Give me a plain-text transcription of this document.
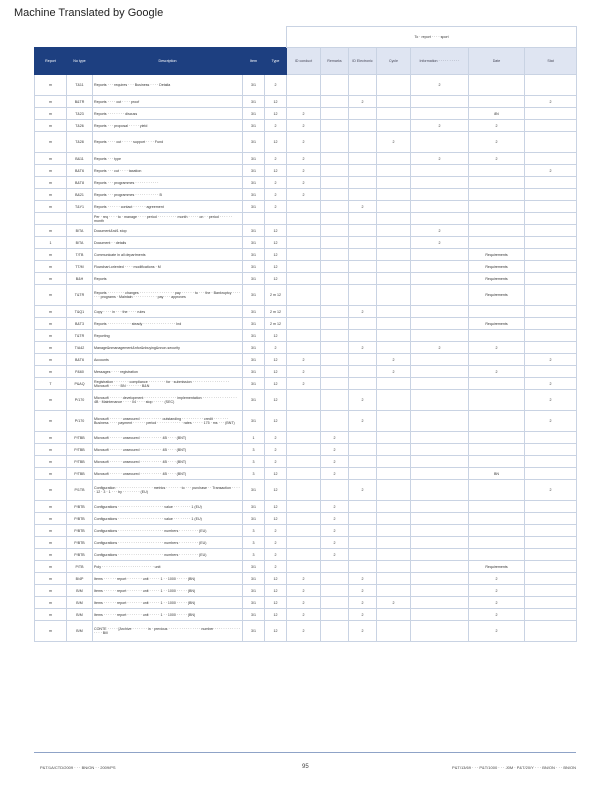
Machine Translated by Google
					To · report · · · · sport						
Report	No type	Description	Item	Type	ID conduct	Remarks	ID Electronic	Cycle	Information · · · · · · · · · ·	Date	Stat
m	T&11	Reports · · · requires · · · Business · · · · Detaila	3/1	2					2		
m	B&TR	Reports · · · · cut · · · · proof	3/1	12			2				2
m	T&23	Reports · · · · · · · · discuss	3/1	12	2					8N	
m	T&26	Reports · · · proposal · · · · · yield	3/1	2	2				2	2	
m	T&28	Reports · · · · cut · · · · · support · · · · Fund	3/1	12	2			2		2	
m	B&11	Reports · · · type	3/1	2	2				2	2	
m	B&T6	Reports · · · cut · · · · taxation	3/1	12	2						2
m	B&T8	Reports · · · programmes · · · · · · · · · · ·	3/1	2	2						
m	B&21	Reports · · · programmes · · · · · · · · · · · B	3/1	2	2						
m	T&Y1	Reports · · · · · · contact · · · · · · agreement	3/1	2			2				
		Per · req · · · · to · manage · · · · period · · · · · · · · · month · · · · · on · · period · · · · · · month									
m	B/TA	Document&n#1 stop	3/1	12					2		
1	B/TA	Document · · details	3/1	12					2		
m	T/TB	Communicate in all departments	3/1	12						Requirements	
m	TT/M	Flowchart-oriented · · · · modifications · M	3/1	12						Requirements	
m	B&H	Reports	3/1	12						Requirements	
m	T&TR	Reports · · · · · · · · changes · · · · · · · · · · · · · · · · pay · · · · · · to · · · the · Bankruptcy · · · · · · · programs · Maintain · · · · · · · · · · · pay · · · approves	3/1	2 m 12						Requirements	
m	T&Q1	Copy · · · · in · · · the · · · · rules	3/1	2 m 12			2				
m	B&T3	Reports · · · · · · · · · · · steady · · · · · · · · · · · · · · · Ind	3/1	2 m 12						Requirements	
m	T&TR	Reporting	3/1	12							
m	T/A42	Manage&nmanagement&nfor&nbuying&nnon-security	3/1	2			2		2	2	
m	B&T6	Accounts	3/1	12	2			2			2
m	P&60	Messages · · · · registration	3/1	12	2			2		2	
T	P&AQ	Registration · · · · · · · compliance · · · · · · · · for · submission · · · · · · · · · · · · · · · · · Microsoft · · · · · BN · · · · · · · B&N	3/1	12	2						2
m	P/170	Microsoft · · · · · · development · · · · · · · · · · · · · · · implementation · · · · · · · · · · · · · · · · 4B · Maintenance · · · · 04 · · · · stop · · · · · (SEC)	3/1	12			2				2
m	P/170	Microsoft · · · · · · unsecured · · · · · · · · · · outstanding · · · · · · · · · · credit · · · · · · · Business · · · · payment · · · · · · period · · · · · · · · · · · · rates · · · · · 175 · ms · · · (BNT)	3/1	12			2				2
m	P/TBB	Microsoft · · · · · · unsecured · · · · · · · · · · 4B · · · · (BNT)	1	2		2					
m	P/TBB	Microsoft · · · · · · unsecured · · · · · · · · · · 4B · · · · (BNT)	3	2		2					
m	P/TBB	Microsoft · · · · · · unsecured · · · · · · · · · · 4B · · · · (BNT)	3	2		2					
m	P/TBB	Microsoft · · · · · · unsecured · · · · · · · · · · 4B · · · · (BNT)	3	12		2				BN	
m	P/1TB	Configuration · · · · · · · · · · · · · · · · · metrics · · · · · · · to · · · purchase · · Transaction · · · · · 12 · 3 · 1 · · · by · · · · · · · · (EU)	3/1	12			2				2
m	P/BTB	Configurations · · · · · · · · · · · · · · · · · · · · · value · · · · · · · · 1 (EU)	3/1	12		2					
m	P/BTB	Configurations · · · · · · · · · · · · · · · · · · · · · value · · · · · · · · 1 (EU)	3/1	12		2					
m	P/BTB	Configurations · · · · · · · · · · · · · · · · · · · · · numbers · · · · · · · · · (EU)	3	2		2					
m	P/BTB	Configurations · · · · · · · · · · · · · · · · · · · · · numbers · · · · · · · · · (EU)	3	2		2					
m	P/BTB	Configurations · · · · · · · · · · · · · · · · · · · · · numbers · · · · · · · · · (EU)	3	2		2					
m	P/TB	Poly · · · · · · · · · · · · · · · · · · · · · · · · unit	3/1	2						Requirements	
m	B/4P	Items · · · · · · report · · · · · · · unit · · · · · 1 · · 1000 · · · · · (BN)	3/1	12	2		2			2	
m	B/M	Items · · · · · · report · · · · · · · unit · · · · · 1 · · 1000 · · · · · (BN)	3/1	12	2		2			2	
m	B/M	Items · · · · · · report · · · · · · · unit · · · · · 1 · · 1000 · · · · · (BN)	3/1	12	2		2	2		2	
m	B/M	Items · · · · · · report · · · · · · · unit · · · · · 1 · · 1000 · · · · · (BN)	3/1	12	2		2			2	
m	B/M	CONTE · · · · · [Archive · · · · · · · in · previous · · · · · · · · · · · · · · · number · · · · · · · · · · · · · · · · Bill	3/1	12	2		2			2	
P&T/1A/CTD/2009 · · · BN/ON · · 2009/PS	95	P&T/13/69 · · · P&T/1000 · · · J0M · P&T/20/Y · · · BN/ON · · · BN/ON
